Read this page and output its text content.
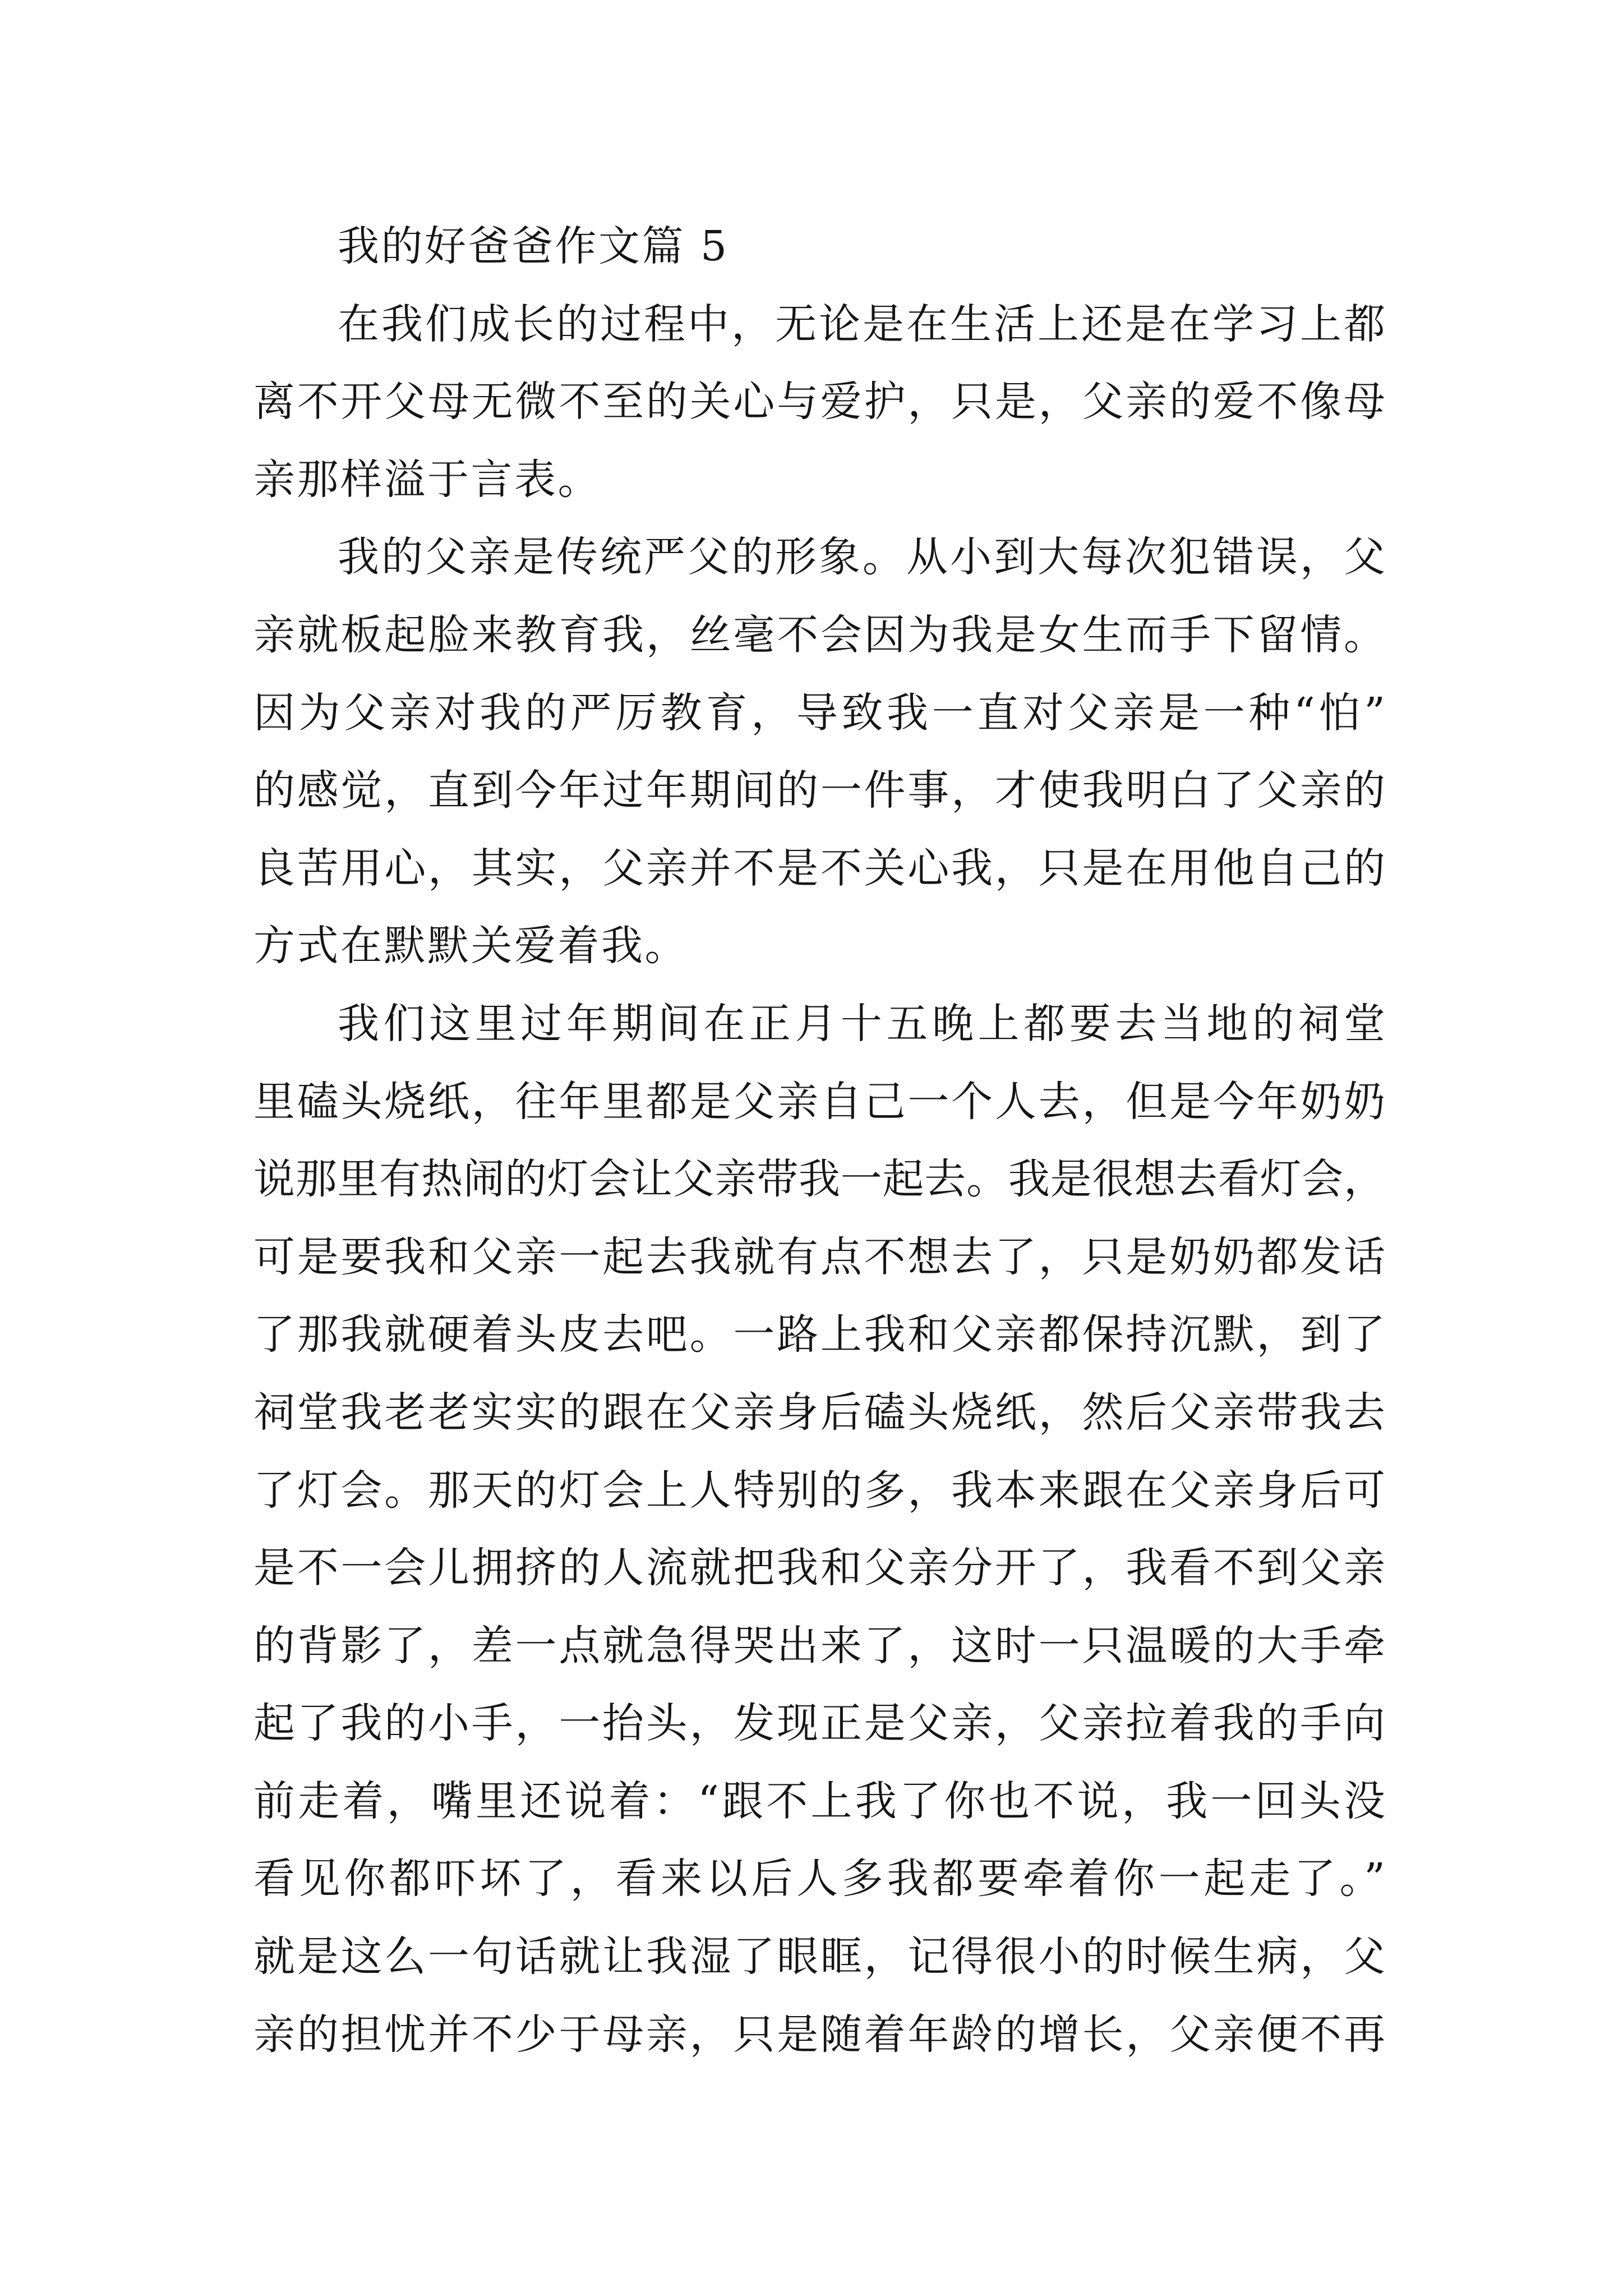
我的好爸爸作文篇 5
在我们成长的过程中，无论是在生活上还是在学习上都
离不开父母无微不至的关心与爱护，只是，父亲的爱不像母
亲那样溢于言表。
我的父亲是传统严父的形象。从小到大每次犯错误，父
亲就板起脸来教育我，丝毫不会因为我是女生而手下留情。
因为父亲对我的严厉教育，导致我一直对父亲是一种“怕”
的感觉，直到今年过年期间的一件事，才使我明白了父亲的
良苦用心，其实，父亲并不是不关心我，只是在用他自己的
方式在默默关爱着我。
我们这里过年期间在正月十五晚上都要去当地的祠堂
里磕头烧纸，往年里都是父亲自己一个人去，但是今年奶奶
说那里有热闹的灯会让父亲带我一起去。我是很想去看灯会，
可是要我和父亲一起去我就有点不想去了，只是奶奶都发话
了那我就硬着头皮去吧。一路上我和父亲都保持沉默，到了
祠堂我老老实实的跟在父亲身后磕头烧纸，然后父亲带我去
了灯会。那天的灯会上人特别的多，我本来跟在父亲身后可
是不一会儿拥挤的人流就把我和父亲分开了，我看不到父亲
的背影了，差一点就急得哭出来了，这时一只温暖的大手牵
起了我的小手，一抬头，发现正是父亲，父亲拉着我的手向
前走着，嘴里还说着：“跟不上我了你也不说，我一回头没
看见你都吓坏了，看来以后人多我都要牵着你一起走了。”
就是这么一句话就让我湿了眼眶，记得很小的时候生病，父
亲的担忧并不少于母亲，只是随着年龄的增长，父亲便不再
